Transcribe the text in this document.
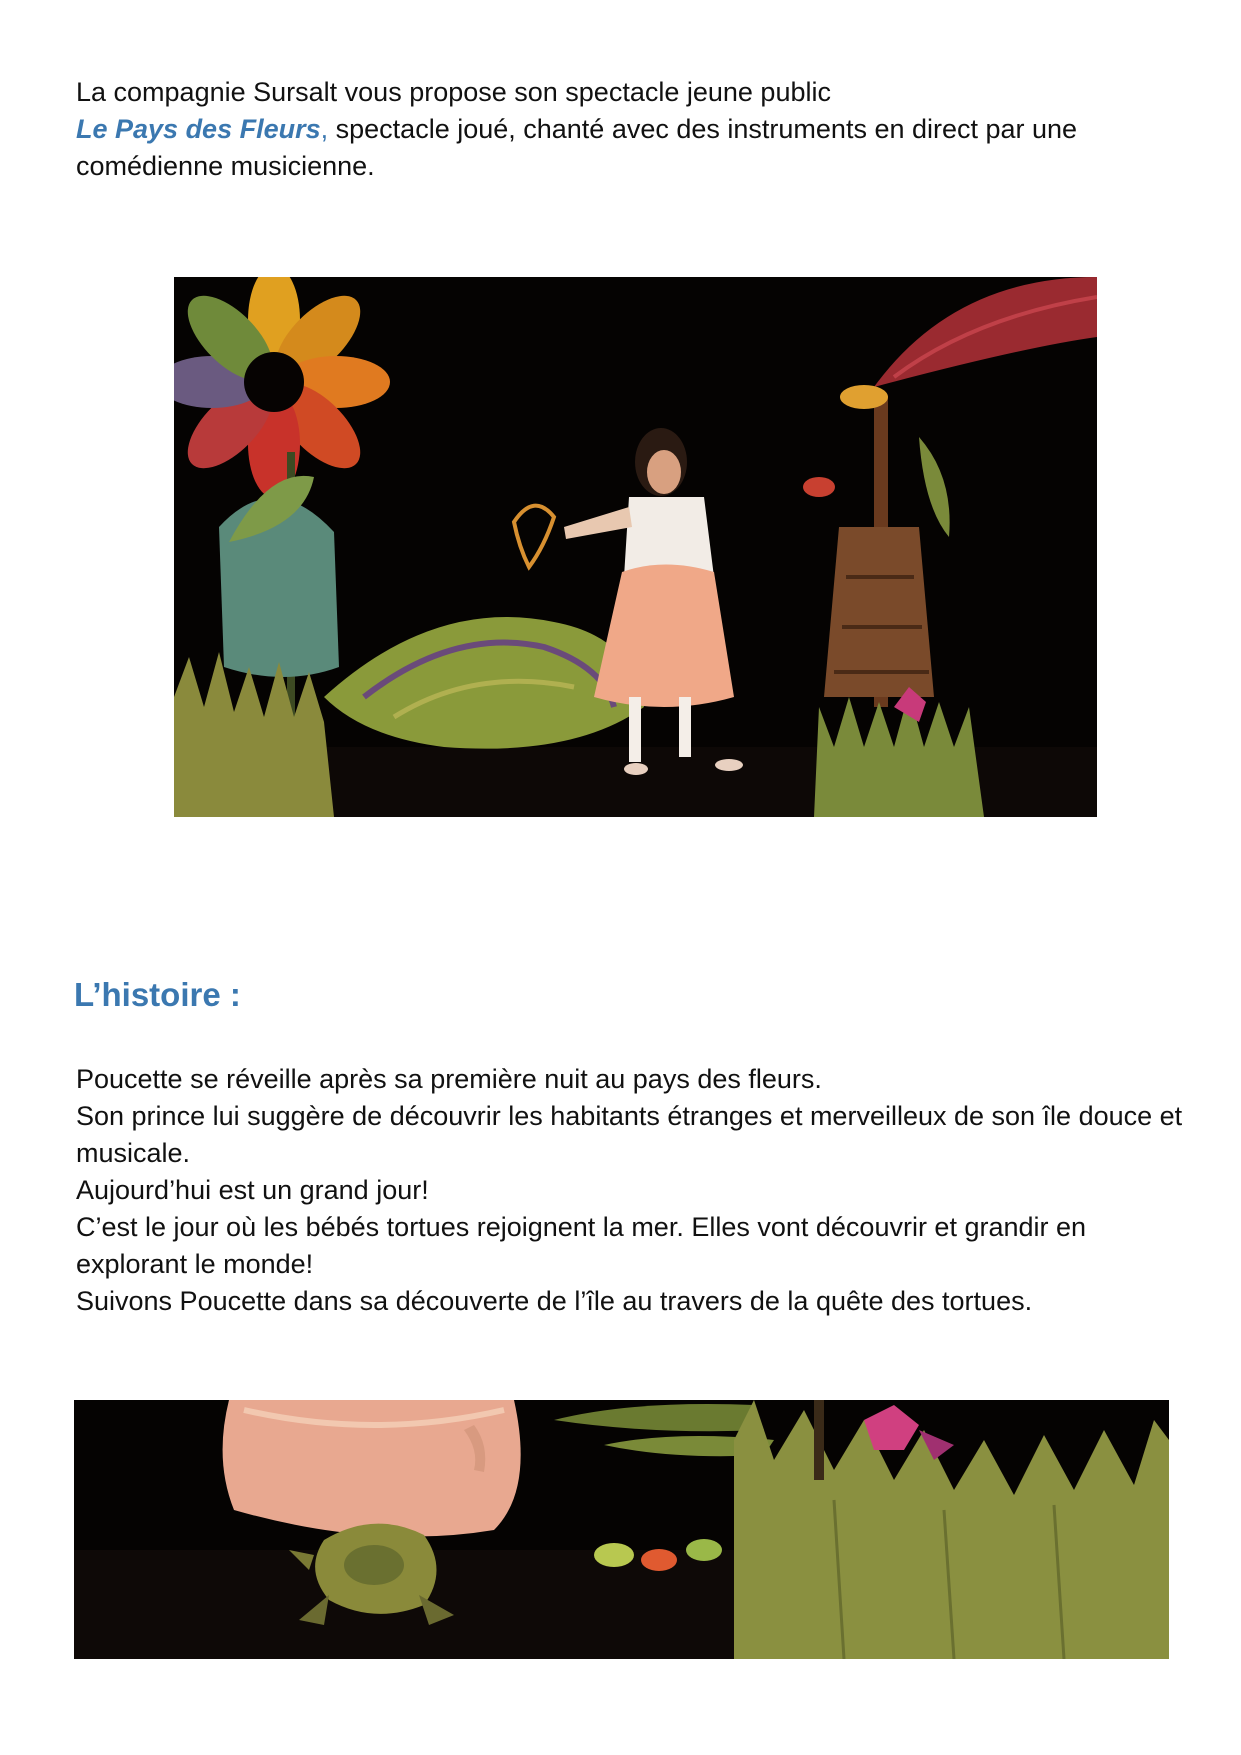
La compagnie Sursalt vous propose son spectacle jeune public
Le Pays des Fleurs, spectacle joué, chanté avec des instruments en direct par une comédienne musicienne.
L’histoire :

Poucette se réveille après sa première nuit au pays des fleurs.

Son prince lui suggère de découvrir les habitants étranges et merveilleux de son île douce et musicale.

Aujourd’hui est un grand jour!

C’est le jour où les bébés tortues rejoignent la mer. Elles vont découvrir et grandir en explorant le monde!

Suivons Poucette dans sa découverte de l’île au travers de la quête des tortues.
